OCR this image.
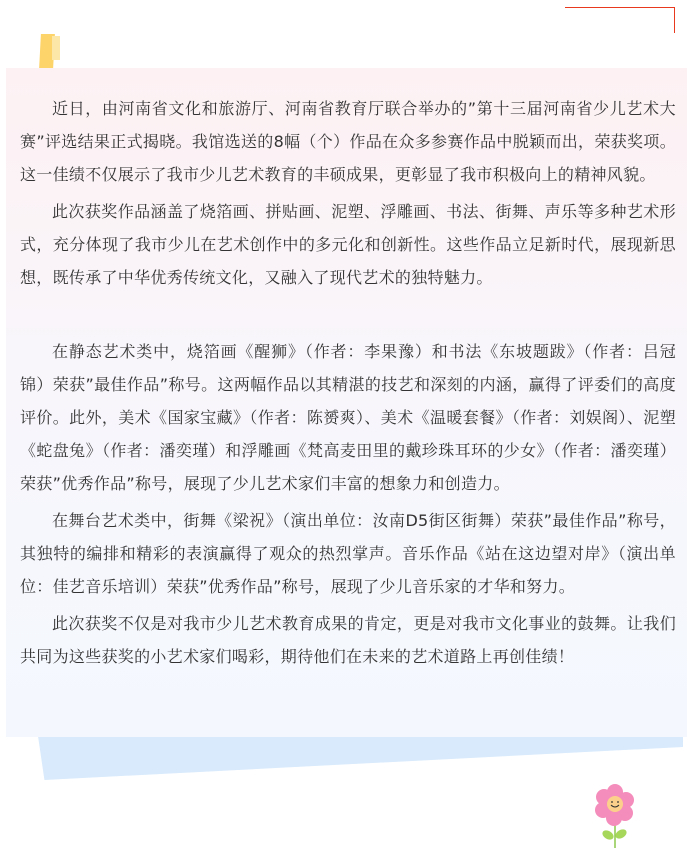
近日，由河南省文化和旅游厅、河南省教育厅联合举办的”第十三届河南省少儿艺术大赛”评选结果正式揭晓。我馆选送的8幅（个）作品在众多参赛作品中脱颖而出，荣获奖项。这一佳绩不仅展示了我市少儿艺术教育的丰硕成果，更彰显了我市积极向上的精神风貌。

此次获奖作品涵盖了烧箔画、拼贴画、泥塑、浮雕画、书法、街舞、声乐等多种艺术形式，充分体现了我市少儿在艺术创作中的多元化和创新性。这些作品立足新时代，展现新思想，既传承了中华优秀传统文化，又融入了现代艺术的独特魅力。

在静态艺术类中，烧箔画《醒狮》（作者：李果豫）和书法《东坡题跋》（作者：吕冠锦）荣获”最佳作品”称号。这两幅作品以其精湛的技艺和深刻的内涵，赢得了评委们的高度评价。此外，美术《国家宝藏》（作者：陈赟爽）、美术《温暖套餐》（作者：刘娱阁）、泥塑《蛇盘兔》（作者：潘奕瑾）和浮雕画《梵高麦田里的戴珍珠耳环的少女》（作者：潘奕瑾）荣获”优秀作品”称号，展现了少儿艺术家们丰富的想象力和创造力。

在舞台艺术类中，街舞《梁祝》（演出单位：汝南D5街区街舞）荣获”最佳作品”称号，其独特的编排和精彩的表演赢得了观众的热烈掌声。音乐作品《站在这边望对岸》（演出单位：佳艺音乐培训）荣获”优秀作品”称号，展现了少儿音乐家的才华和努力。

此次获奖不仅是对我市少儿艺术教育成果的肯定，更是对我市文化事业的鼓舞。让我们共同为这些获奖的小艺术家们喝彩，期待他们在未来的艺术道路上再创佳绩！
